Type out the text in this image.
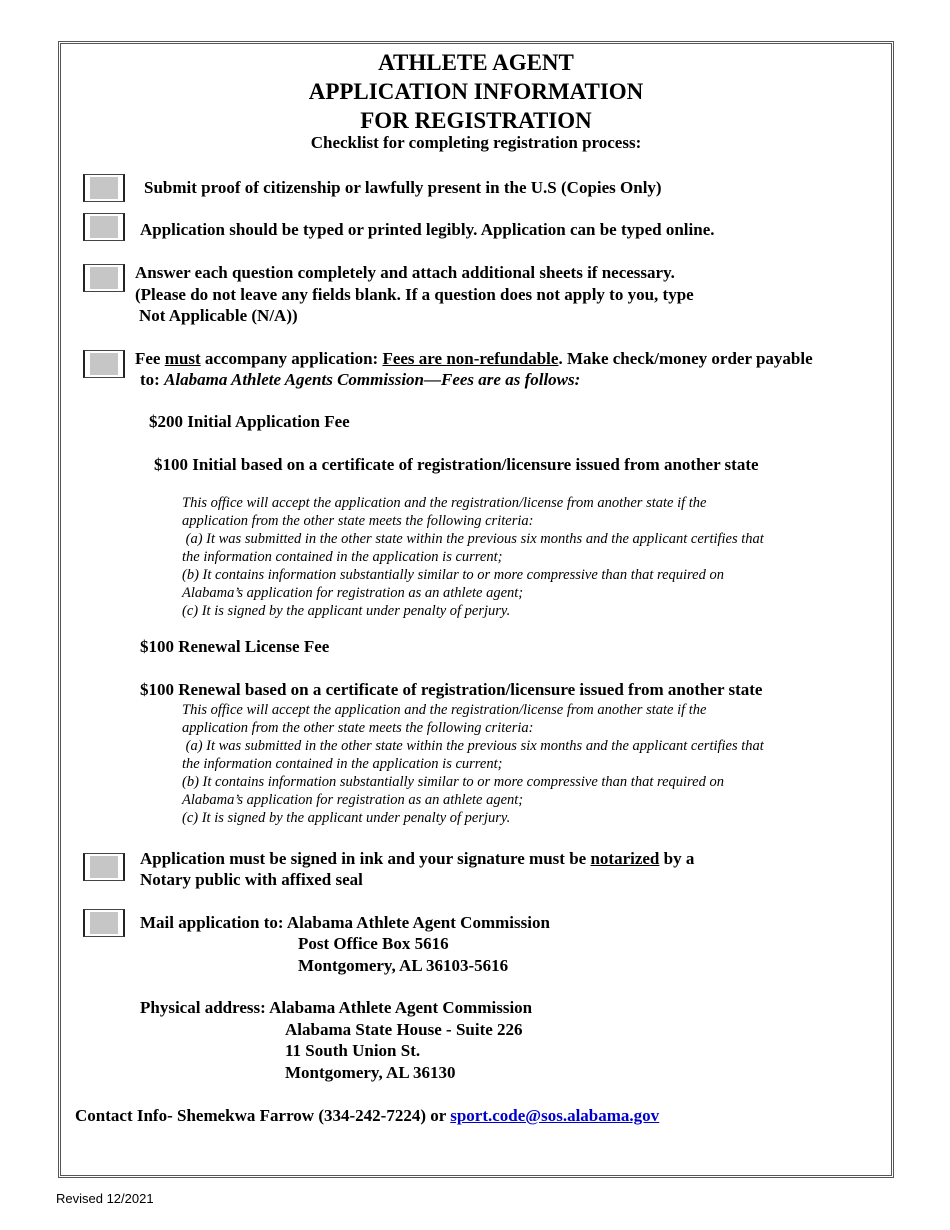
ATHLETE AGENT
APPLICATION INFORMATION
FOR REGISTRATION
Checklist for completing registration process:
Submit proof of citizenship or lawfully present in the U.S (Copies Only)
Application should be typed or printed legibly. Application can be typed online.
Answer each question completely and attach additional sheets if necessary.
(Please do not leave any fields blank. If a question does not apply to you, type
Not Applicable (N/A))
Fee must accompany application: Fees are non-refundable. Make check/money order payable
to: Alabama Athlete Agents Commission—Fees are as follows:
$200 Initial Application Fee
$100 Initial based on a certificate of registration/licensure issued from another state
This office will accept the application and the registration/license from another state if the
application from the other state meets the following criteria:
(a) It was submitted in the other state within the previous six months and the applicant certifies that
the information contained in the application is current;
(b) It contains information substantially similar to or more compressive than that required on
Alabama’s application for registration as an athlete agent;
(c) It is signed by the applicant under penalty of perjury.
$100 Renewal License Fee
$100 Renewal based on a certificate of registration/licensure issued from another state
This office will accept the application and the registration/license from another state if the
application from the other state meets the following criteria:
(a) It was submitted in the other state within the previous six months and the applicant certifies that
the information contained in the application is current;
(b) It contains information substantially similar to or more compressive than that required on
Alabama’s application for registration as an athlete agent;
(c) It is signed by the applicant under penalty of perjury.
Application must be signed in ink and your signature must be notarized by a
Notary public with affixed seal
Mail application to: Alabama Athlete Agent Commission
Post Office Box 5616
Montgomery, AL 36103-5616
Physical address: Alabama Athlete Agent Commission
Alabama State House - Suite 226
11 South Union St.
Montgomery, AL 36130
Contact Info- Shemekwa Farrow (334-242-7224) or sport.code@sos.alabama.gov
Revised 12/2021
